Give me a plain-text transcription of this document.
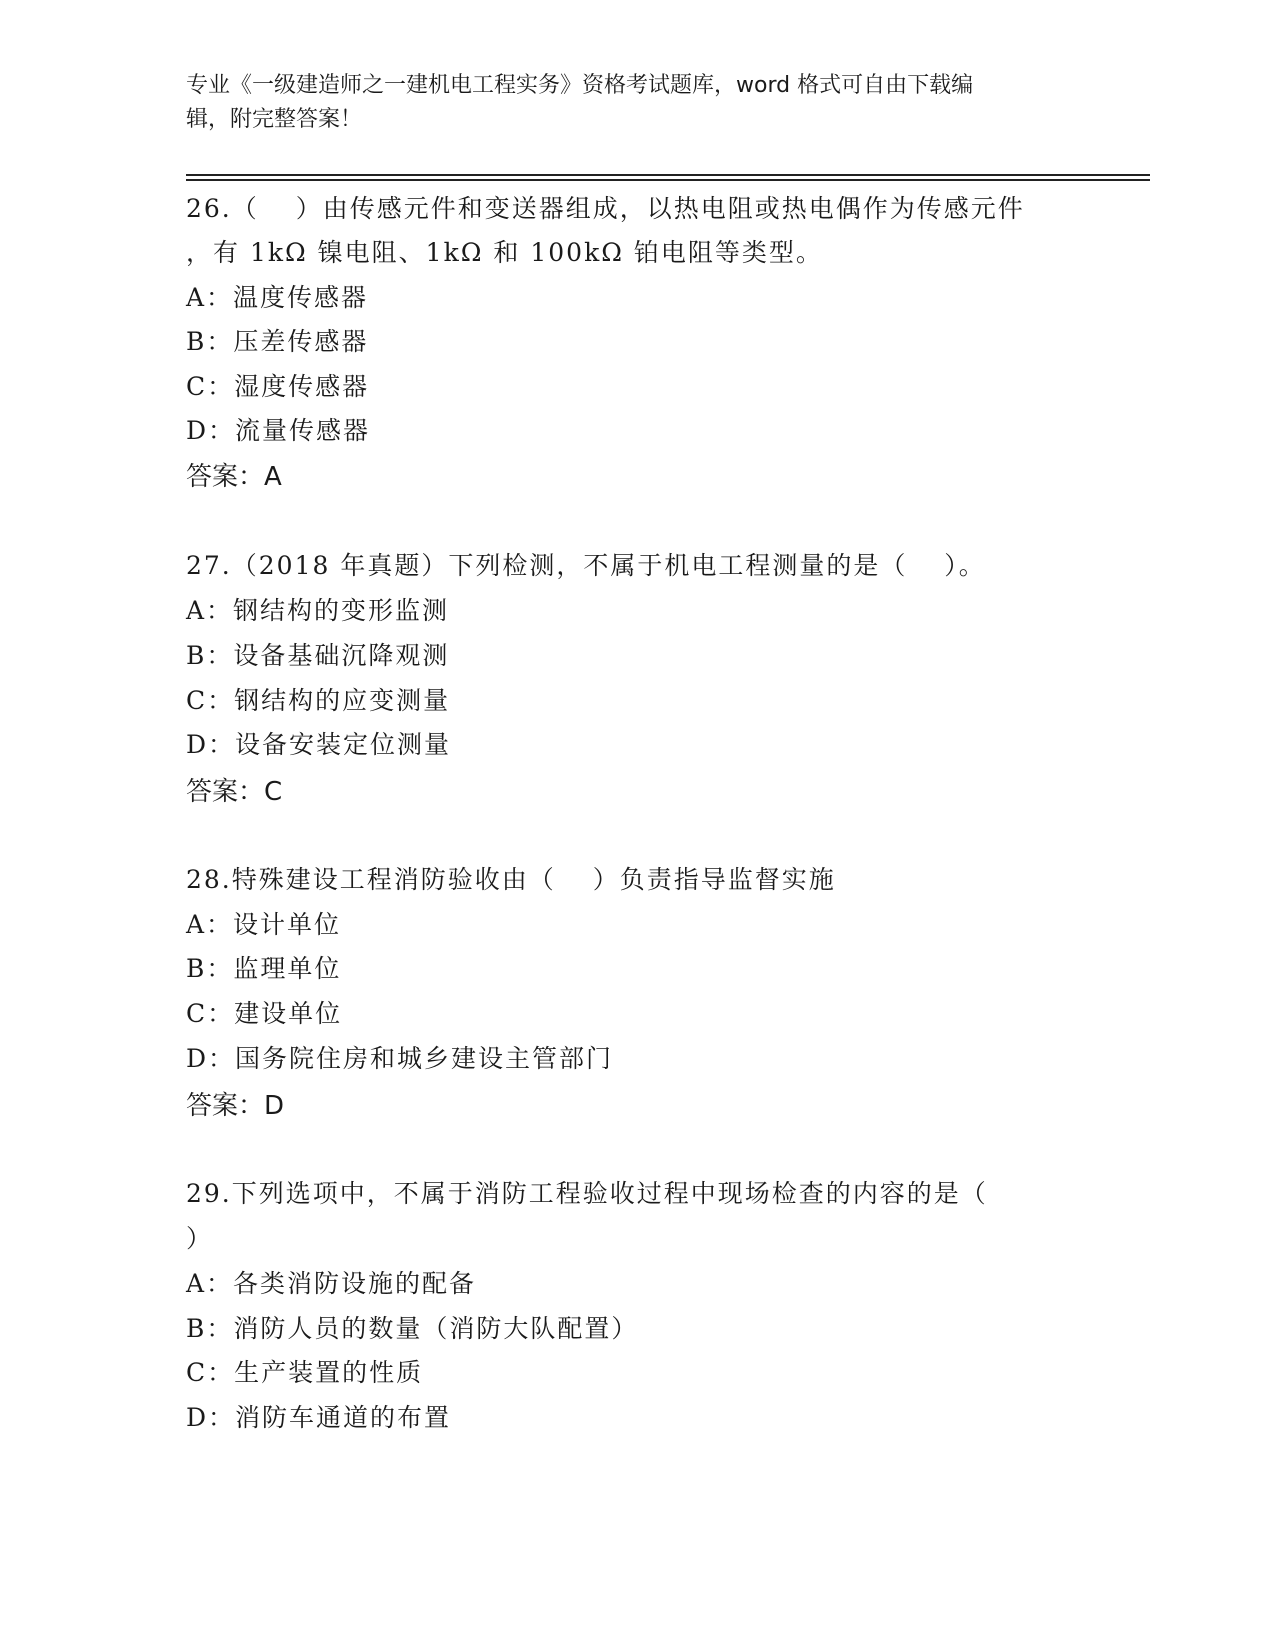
专业《一级建造师之一建机电工程实务》资格考试题库，word 格式可自由下载编
辑，附完整答案！
26.（　 ）由传感元件和变送器组成，以热电阻或热电偶作为传感元件
，有 1kΩ 镍电阻、1kΩ 和 100kΩ 铂电阻等类型。
A：温度传感器
B：压差传感器
C：湿度传感器
D：流量传感器
答案：A
27.（2018 年真题）下列检测，不属于机电工程测量的是（　 ）。
A：钢结构的变形监测
B：设备基础沉降观测
C：钢结构的应变测量
D：设备安装定位测量
答案：C
28.特殊建设工程消防验收由（　 ）负责指导监督实施
A：设计单位
B：监理单位
C：建设单位
D：国务院住房和城乡建设主管部门
答案：D
29.下列选项中，不属于消防工程验收过程中现场检查的内容的是（
）
A：各类消防设施的配备
B：消防人员的数量（消防大队配置）
C：生产装置的性质
D：消防车通道的布置
